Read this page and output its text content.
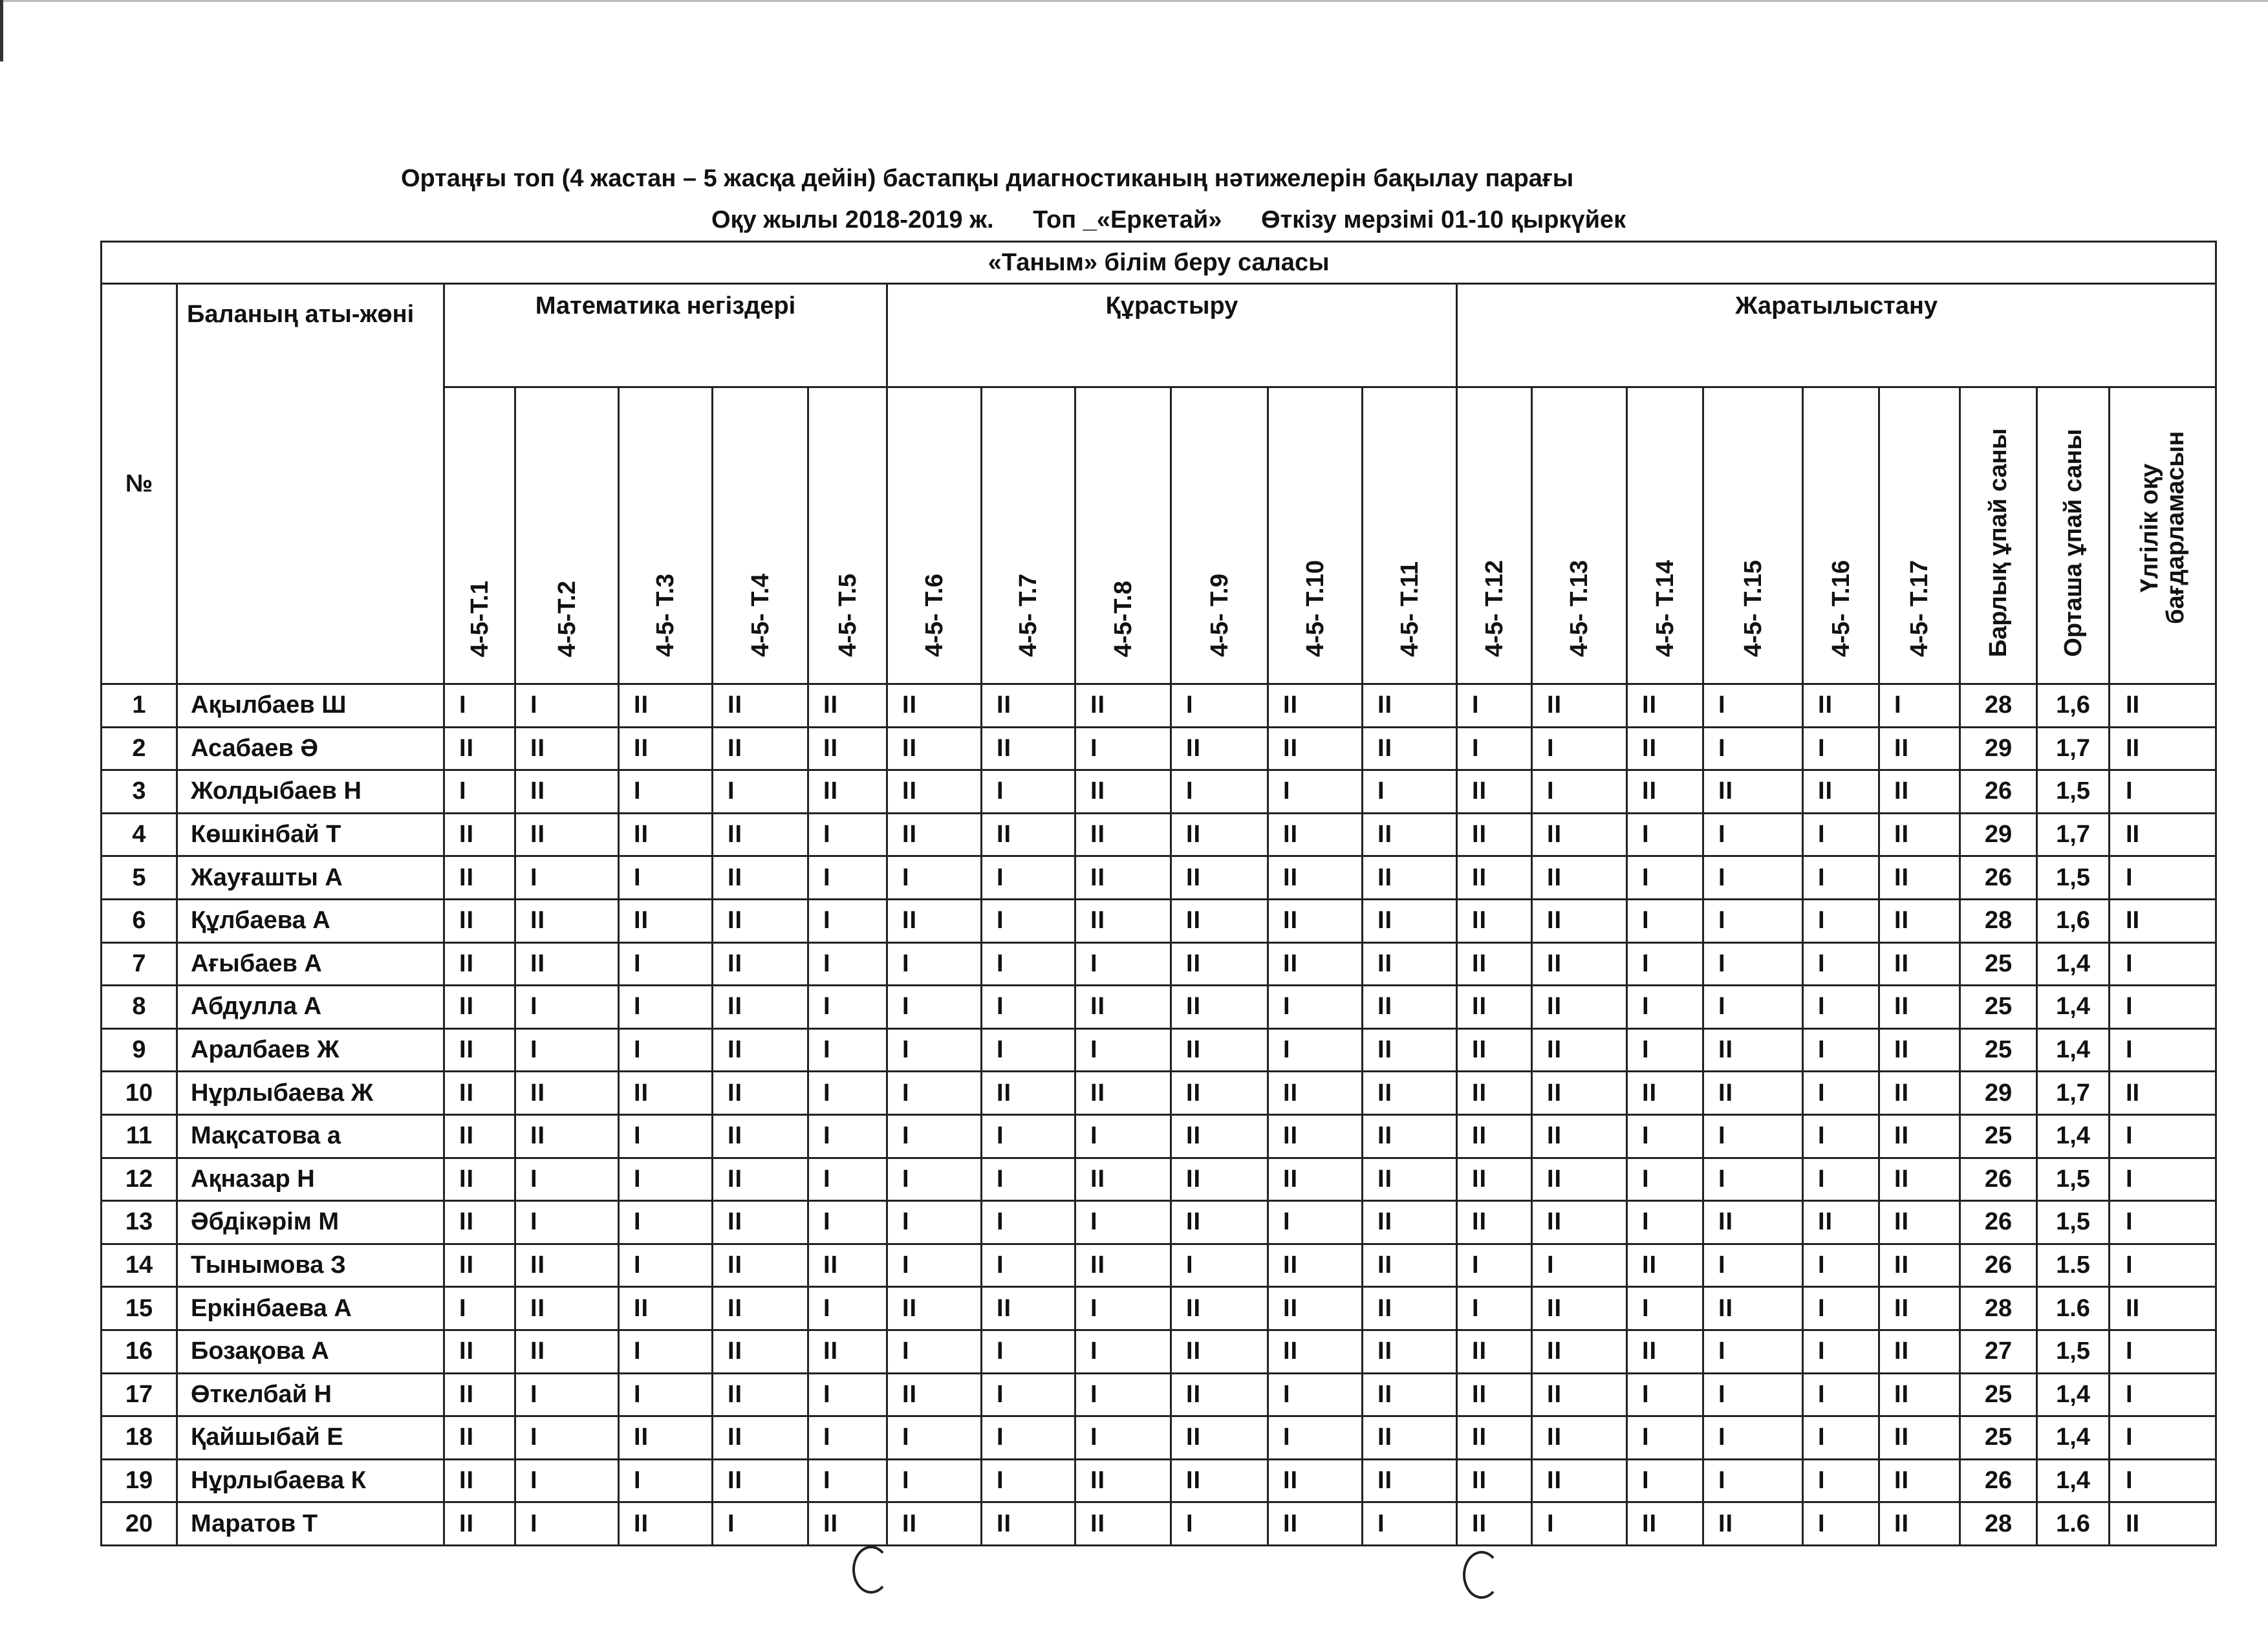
Ортаңғы топ (4 жастан – 5 жасқа дейін) бастапқы диагностиканың нәтижелерін бақылау парағы
Оқу жылы 2018-2019 ж. Топ _«Еркетай» Өткізу мерзімі 01-10 қыркүйек
«Таным» білім беру саласы																					
№	Баланың аты-жөні	Математика негіздері					Құрастыру						Жаратылыстану								

		4-5-Т.1	4-5-Т.2	4-5- Т.3	4-5- Т.4	4-5- Т.5	4-5- Т.6	4-5- Т.7	4-5-Т.8	4-5- Т.9	4-5- Т.10	4-5- Т.11	4-5- Т.12	4-5- Т.13	4-5- Т.14	4-5- Т.15	4-5- Т.16	4-5- Т.17	Барлық ұпай саны	Орташа ұпай саны	Үлгілік оқу бағдарламасын

1	Ақылбаев Ш	I	I	II	II	II	II	II	II	I	II	II	I	II	II	I	II	I	28	1,6	II
2	Асабаев Ә	II	II	II	II	II	II	II	I	II	II	II	I	I	II	I	I	II	29	1,7	II
3	Жолдыбаев Н	I	II	I	I	II	II	I	II	I	I	I	II	I	II	II	II	II	26	1,5	I
4	Көшкінбай Т	II	II	II	II	I	II	II	II	II	II	II	II	II	I	I	I	II	29	1,7	II
5	Жауғашты А	II	I	I	II	I	I	I	II	II	II	II	II	II	I	I	I	II	26	1,5	I
6	Құлбаева А	II	II	II	II	I	II	I	II	II	II	II	II	II	I	I	I	II	28	1,6	II
7	Ағыбаев А	II	II	I	II	I	I	I	I	II	II	II	II	II	I	I	I	II	25	1,4	I
8	Абдулла А	II	I	I	II	I	I	I	II	II	I	II	II	II	I	I	I	II	25	1,4	I
9	Аралбаев Ж	II	I	I	II	I	I	I	I	II	I	II	II	II	I	II	I	II	25	1,4	I
10	Нұрлыбаева Ж	II	II	II	II	I	I	II	II	II	II	II	II	II	II	II	I	II	29	1,7	II
11	Мақсатова а	II	II	I	II	I	I	I	I	II	II	II	II	II	I	I	I	II	25	1,4	I
12	Ақназар Н	II	I	I	II	I	I	I	II	II	II	II	II	II	I	I	I	II	26	1,5	I
13	Әбдікәрім М	II	I	I	II	I	I	I	I	II	I	II	II	II	I	II	II	II	26	1,5	I
14	Тынымова З	II	II	I	II	II	I	I	II	I	II	II	I	I	II	I	I	II	26	1.5	I
15	Еркінбаева А	I	II	II	II	I	II	II	I	II	II	II	I	II	I	II	I	II	28	1.6	II
16	Бозақова А	II	II	I	II	II	I	I	I	II	II	II	II	II	II	I	I	II	27	1,5	I
17	Өткелбай Н	II	I	I	II	I	II	I	I	II	I	II	II	II	I	I	I	II	25	1,4	I
18	Қайшыбай Е	II	I	II	II	I	I	I	I	II	I	II	II	II	I	I	I	II	25	1,4	I
19	Нұрлыбаева К	II	I	I	II	I	I	I	II	II	II	II	II	II	I	I	I	II	26	1,4	I
20	Маратов Т	II	I	II	I	II	II	II	II	I	II	I	II	I	II	II	I	II	28	1.6	II
